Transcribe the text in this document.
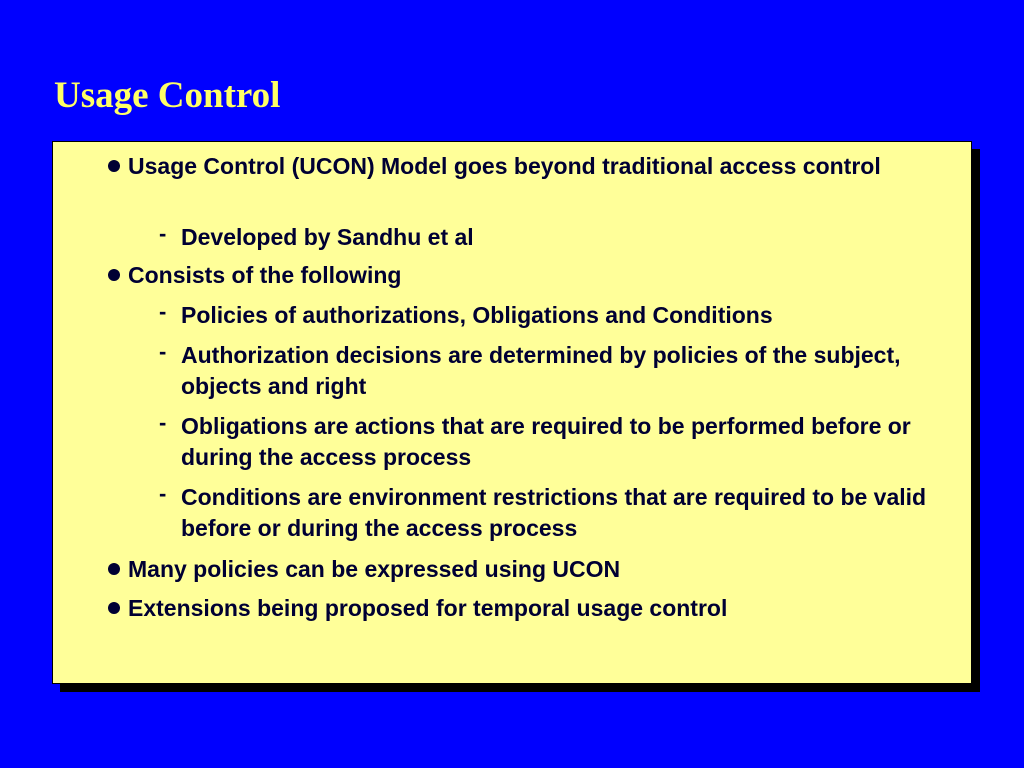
Usage Control
Usage Control (UCON) Model goes beyond traditional access control
- Developed by Sandhu et al
Consists of the following
- Policies of authorizations, Obligations and Conditions
- Authorization decisions are determined by policies of the subject, objects and right
- Obligations are actions that are required to be performed before or during the access process
- Conditions are environment restrictions that are required to be valid before or during the access process
Many policies can be expressed using UCON
Extensions being proposed for temporal usage control
